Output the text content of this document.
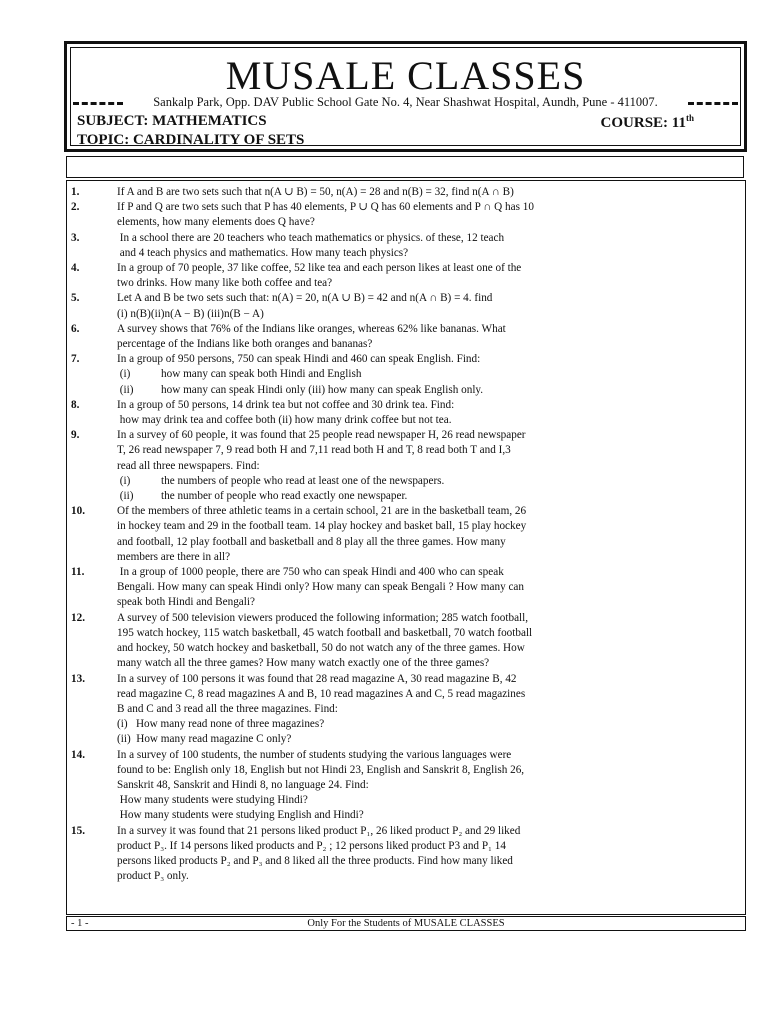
MUSALE CLASSES
Sankalp Park, Opp. DAV Public School Gate No. 4, Near Shashwat Hospital, Aundh, Pune - 411007.
SUBJECT: MATHEMATICS	COURSE: 11th
TOPIC: CARDINALITY OF SETS
1.	If A and B are two sets such that n(A ∪ B) = 50, n(A) = 28 and n(B) = 32, find n(A ∩ B)
2.	If P and Q are two sets such that P has 40 elements, P ∪ Q has 60 elements and P ∩ Q has 10
elements, how many elements does Q have?
3.	In a school there are 20 teachers who teach mathematics or physics. of these, 12 teach
and 4 teach physics and mathematics. How many teach physics?
4.	In a group of 70 people, 37 like coffee, 52 like tea and each person likes at least one of the
two drinks. How many like both coffee and tea?
5.	Let A and B be two sets such that: n(A) = 20, n(A ∪ B) = 42 and n(A ∩ B) = 4. find
(i) n(B)(ii)n(A − B) (iii)n(B − A)
6.	A survey shows that 76% of the Indians like oranges, whereas 62% like bananas. What
percentage of the Indians like both oranges and bananas?
7.	In a group of 950 persons, 750 can speak Hindi and 460 can speak English. Find:
(i)	how many can speak both Hindi and English
(ii) how many can speak Hindi only (iii) how many can speak English only.
8.	In a group of 50 persons, 14 drink tea but not coffee and 30 drink tea. Find:
how may drink tea and coffee both (ii) how many drink coffee but not tea.
9.	In a survey of 60 people, it was found that 25 people read newspaper H, 26 read newspaper
T, 26 read newspaper 7, 9 read both H and 7,11 read both H and T, 8 read both T and I,3
read all three newspapers. Find:
(i)	the numbers of people who read at least one of the newspapers.
(ii) the number of people who read exactly one newspaper.
10.	Of the members of three athletic teams in a certain school, 21 are in the basketball team, 26
in hockey team and 29 in the football team. 14 play hockey and basket ball, 15 play hockey
and football, 12 play football and basketball and 8 play all the three games. How many
members are there in all?
11.	In a group of 1000 people, there are 750 who can speak Hindi and 400 who can speak
Bengali. How many can speak Hindi only? How many can speak Bengali ? How many can
speak both Hindi and Bengali?
12.	A survey of 500 television viewers produced the following information; 285 watch football,
195 watch hockey, 115 watch basketball, 45 watch football and basketball, 70 watch football
and hockey, 50 watch hockey and basketball, 50 do not watch any of the three games. How
many watch all the three games? How many watch exactly one of the three games?
13.	In a survey of 100 persons it was found that 28 read magazine A, 30 read magazine B, 42
read magazine C, 8 read magazines A and B, 10 read magazines A and C, 5 read magazines
B and C and 3 read all the three magazines. Find:
(i)   How many read none of three magazines?
(ii)  How many read magazine C only?
14.	In a survey of 100 students, the number of students studying the various languages were
found to be: English only 18, English but not Hindi 23, English and Sanskrit 8, English 26,
Sanskrit 48, Sanskrit and Hindi 8, no language 24. Find:
How many students were studying Hindi?
How many students were studying English and Hindi?
15.	In a survey it was found that 21 persons liked product P₁, 26 liked product P₂ and 29 liked
product P₃. If 14 persons liked products and P₂ ; 12 persons liked product P3 and P₁ 14
persons liked products P₂ and P₃ and 8 liked all the three products. Find how many liked
product P₃ only.
- 1 -	Only For the Students of MUSALE CLASSES
